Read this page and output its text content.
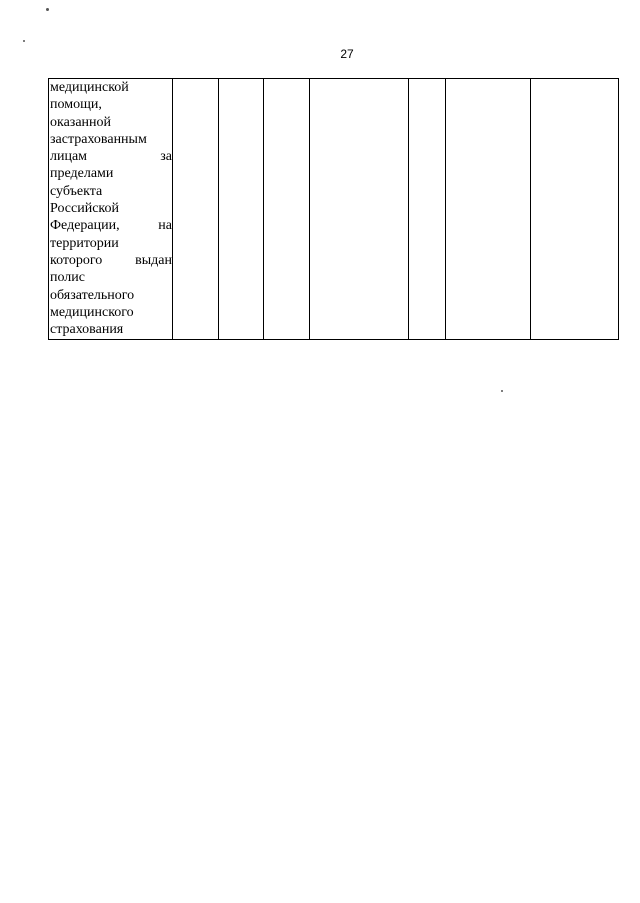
27
медицинской
помощи,
оказанной
застрахованным
лицам	за
пределами
субъекта
Российской
Федерации,	на
территории
которого выдан
полис
обязательного
медицинского
страхования
